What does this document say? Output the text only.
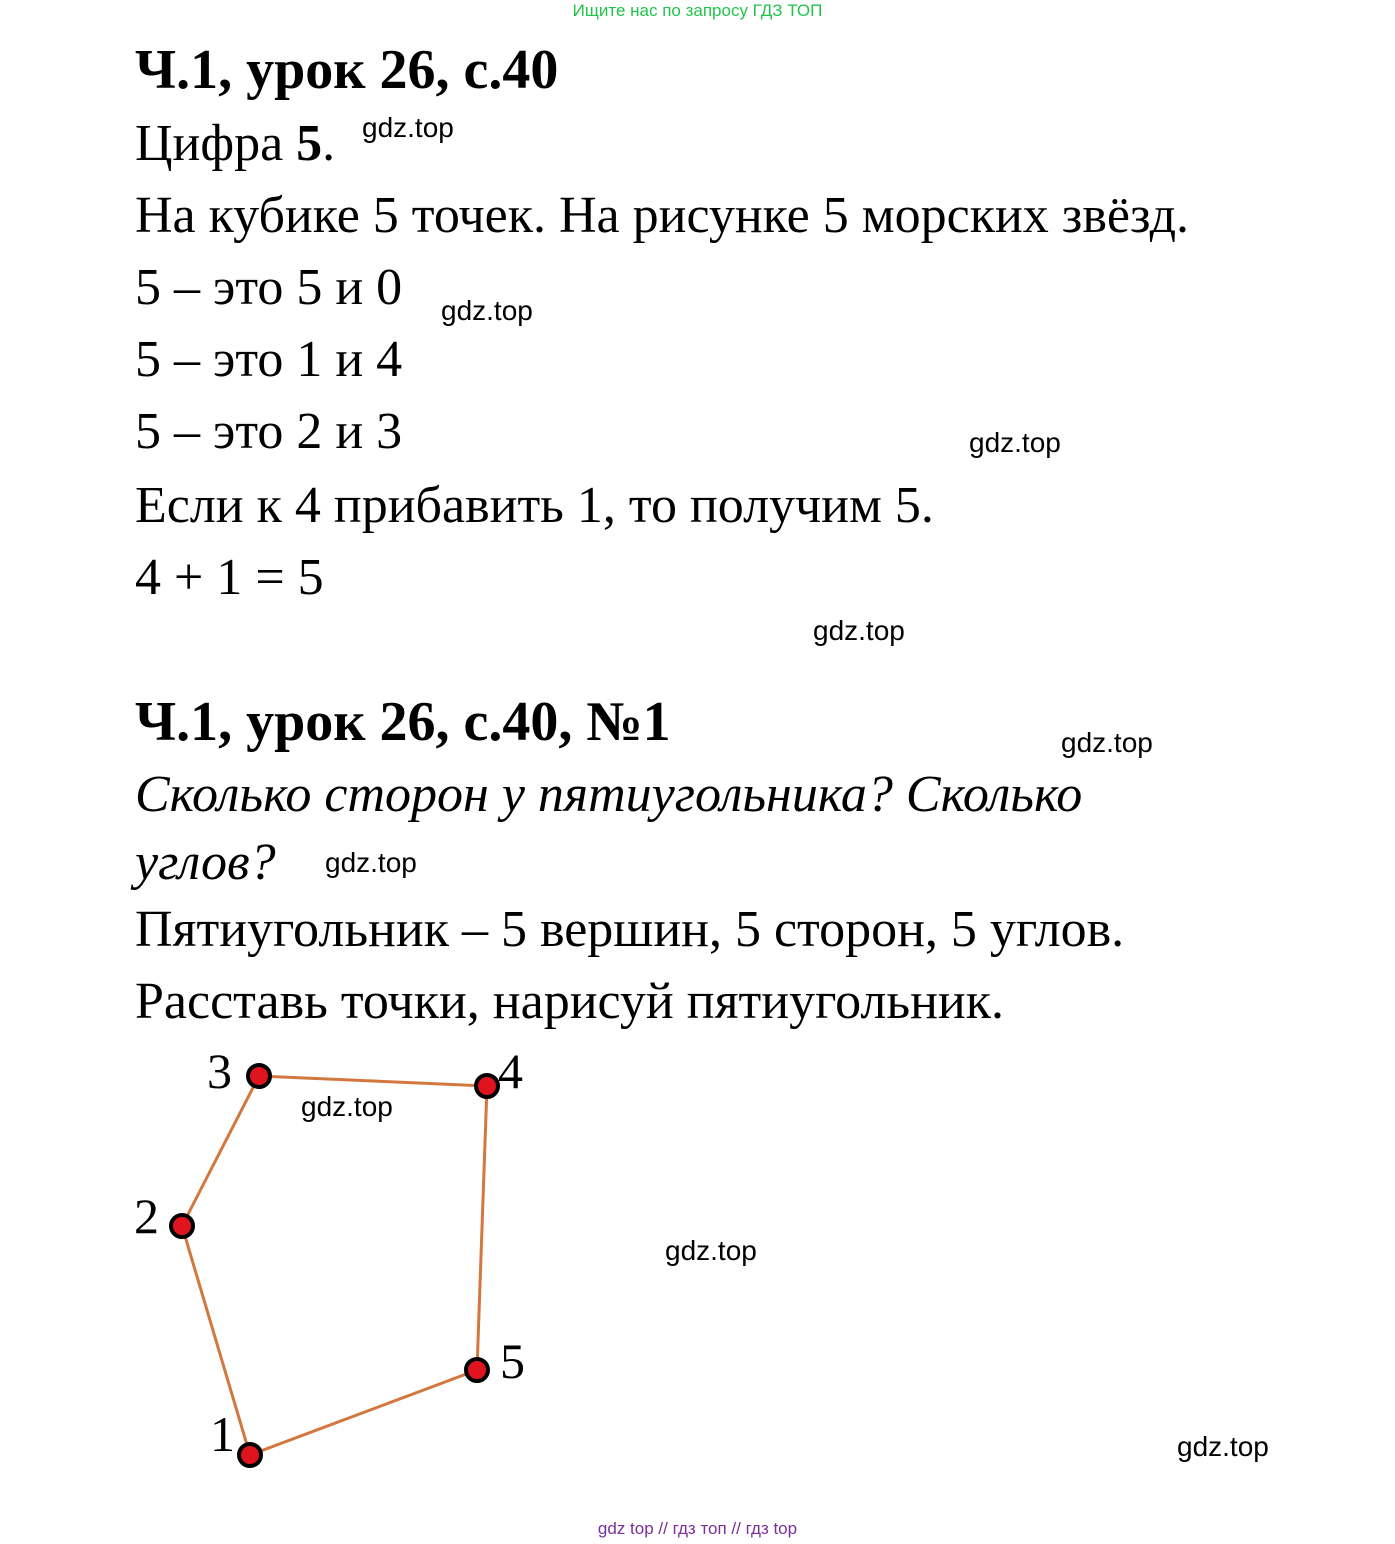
Ищите нас по запросу ГДЗ ТОП
Ч.1, урок 26, с.40
Цифра 5. gdz.top
На кубике 5 точек. На рисунке 5 морских звёзд.
5 – это 5 и 0 gdz.top
5 – это 1 и 4
5 – это 2 и 3	gdz.top
Если к 4 прибавить 1, то получим 5.
4 + 1 = 5
gdz.top
Ч.1, урок 26, с.40, №1	gdz.top
Сколько сторон у пятиугольника? Сколько
углов? gdz.top
Пятиугольник – 5 вершин, 5 сторон, 5 углов.
Расставь точки, нарисуй пятиугольник.
1
2
3	4
5
gdz.top
gdz.top
gdz.top
gdz top // гдз топ // гдз top
